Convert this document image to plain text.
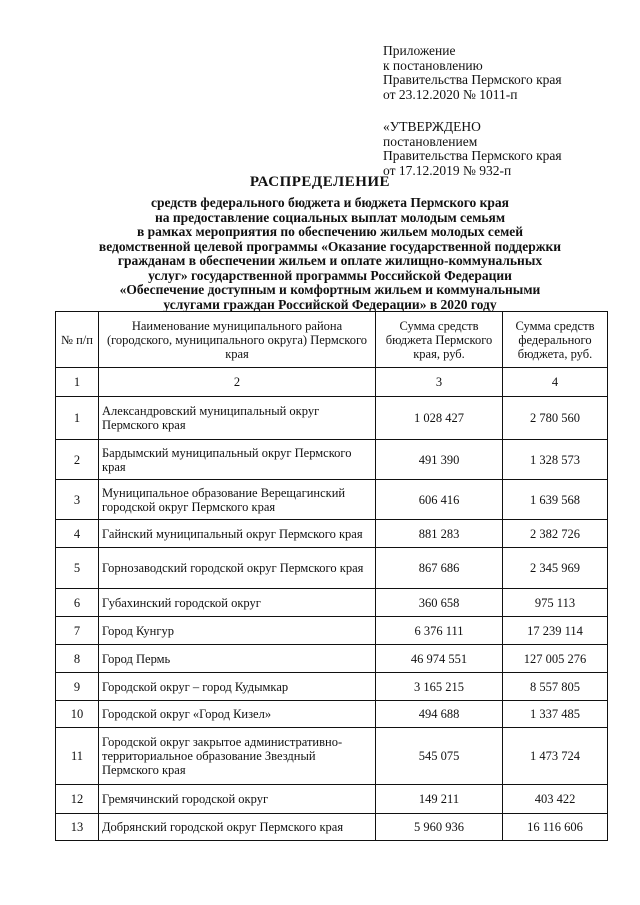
Приложение
к постановлению
Правительства Пермского края
от 23.12.2020 № 1011-п
«УТВЕРЖДЕНО
постановлением
Правительства Пермского края
от 17.12.2019 № 932-п
РАСПРЕДЕЛЕНИЕ
средств федерального бюджета и бюджета Пермского края
на предоставление социальных выплат молодым семьям
в рамках мероприятия по обеспечению жильем молодых семей
ведомственной целевой программы «Оказание государственной поддержки
гражданам в обеспечении жильем и оплате жилищно-коммунальных
услуг» государственной программы Российской Федерации
«Обеспечение доступным и комфортным жильем и коммунальными
услугами граждан Российской Федерации» в 2020 году
№ п/п	Наименование муниципального района (городского, муниципального округа) Пермского края	Сумма средств бюджета Пермского края, руб.	Сумма средств федерального бюджета, руб.
1	2	3	4
1	Александровский муниципальный округ Пермского края	1 028 427	2 780 560
2	Бардымский муниципальный округ Пермского края	491 390	1 328 573
3	Муниципальное образование Верещагинский городской округ Пермского края	606 416	1 639 568
4	Гайнский муниципальный округ Пермского края	881 283	2 382 726
5	Горнозаводский городской округ Пермского края	867 686	2 345 969
6	Губахинский городской округ	360 658	975 113
7	Город Кунгур	6 376 111	17 239 114
8	Город Пермь	46 974 551	127 005 276
9	Городской округ – город Кудымкар	3 165 215	8 557 805
10	Городской округ «Город Кизел»	494 688	1 337 485
11	Городской округ закрытое административно-территориальное образование Звездный Пермского края	545 075	1 473 724
12	Гремячинский городской округ	149 211	403 422
13	Добрянский городской округ Пермского края	5 960 936	16 116 606
